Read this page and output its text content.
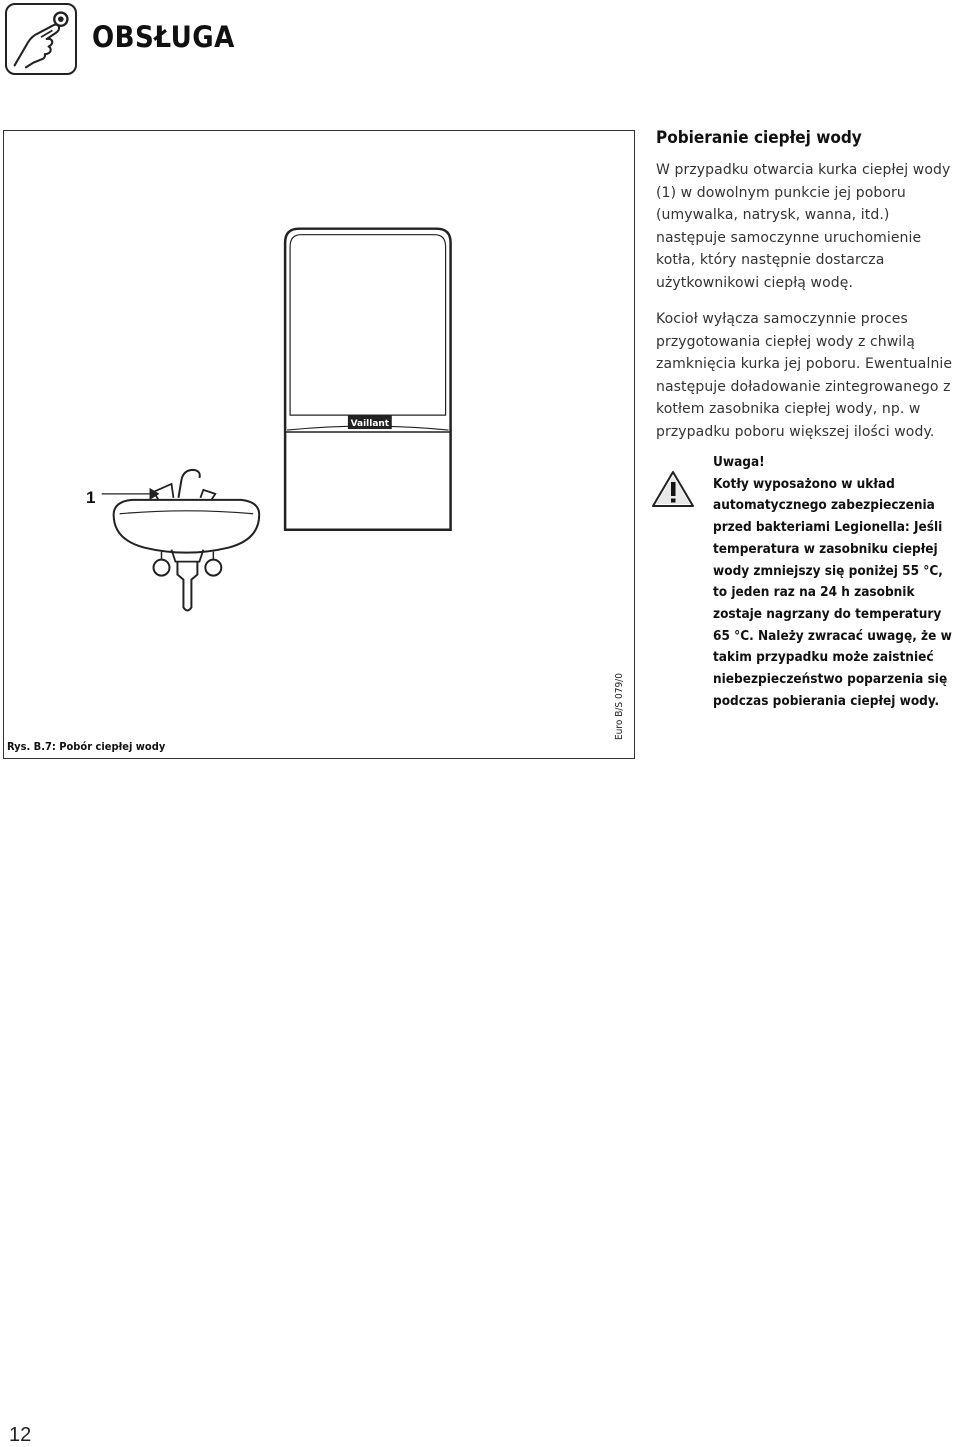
OBSŁUGA
Vaillant
1
Rys. B.7: Pobór ciepłej wody
Euro B/S 079/0
Pobieranie ciepłej wody

W przypadku otwarcia kurka ciepłej wody (1) w dowolnym punkcie jej poboru (umywalka, natrysk, wanna, itd.) następuje samoczynne uruchomienie kotła, który następnie dostarcza użytkownikowi ciepłą wodę.

Kocioł wyłącza samoczynnie proces przygotowania ciepłej wody z chwilą zamknięcia kurka jej poboru. Ewentualnie następuje doładowanie zintegrowanego z kotłem zasobnika ciepłej wody, np. w przypadku poboru większej ilości wody.

Uwaga!
Kotły wyposażono w układ automatycznego zabezpieczenia przed bakteriami Legionella: Jeśli temperatura w zasobniku ciepłej wody zmniejszy się poniżej 55 °C, to jeden raz na 24 h zasobnik zostaje nagrzany do temperatury 65 °C. Należy zwracać uwagę, że w takim przypadku może zaistnieć niebezpieczeństwo poparzenia się podczas pobierania ciepłej wody.
12
